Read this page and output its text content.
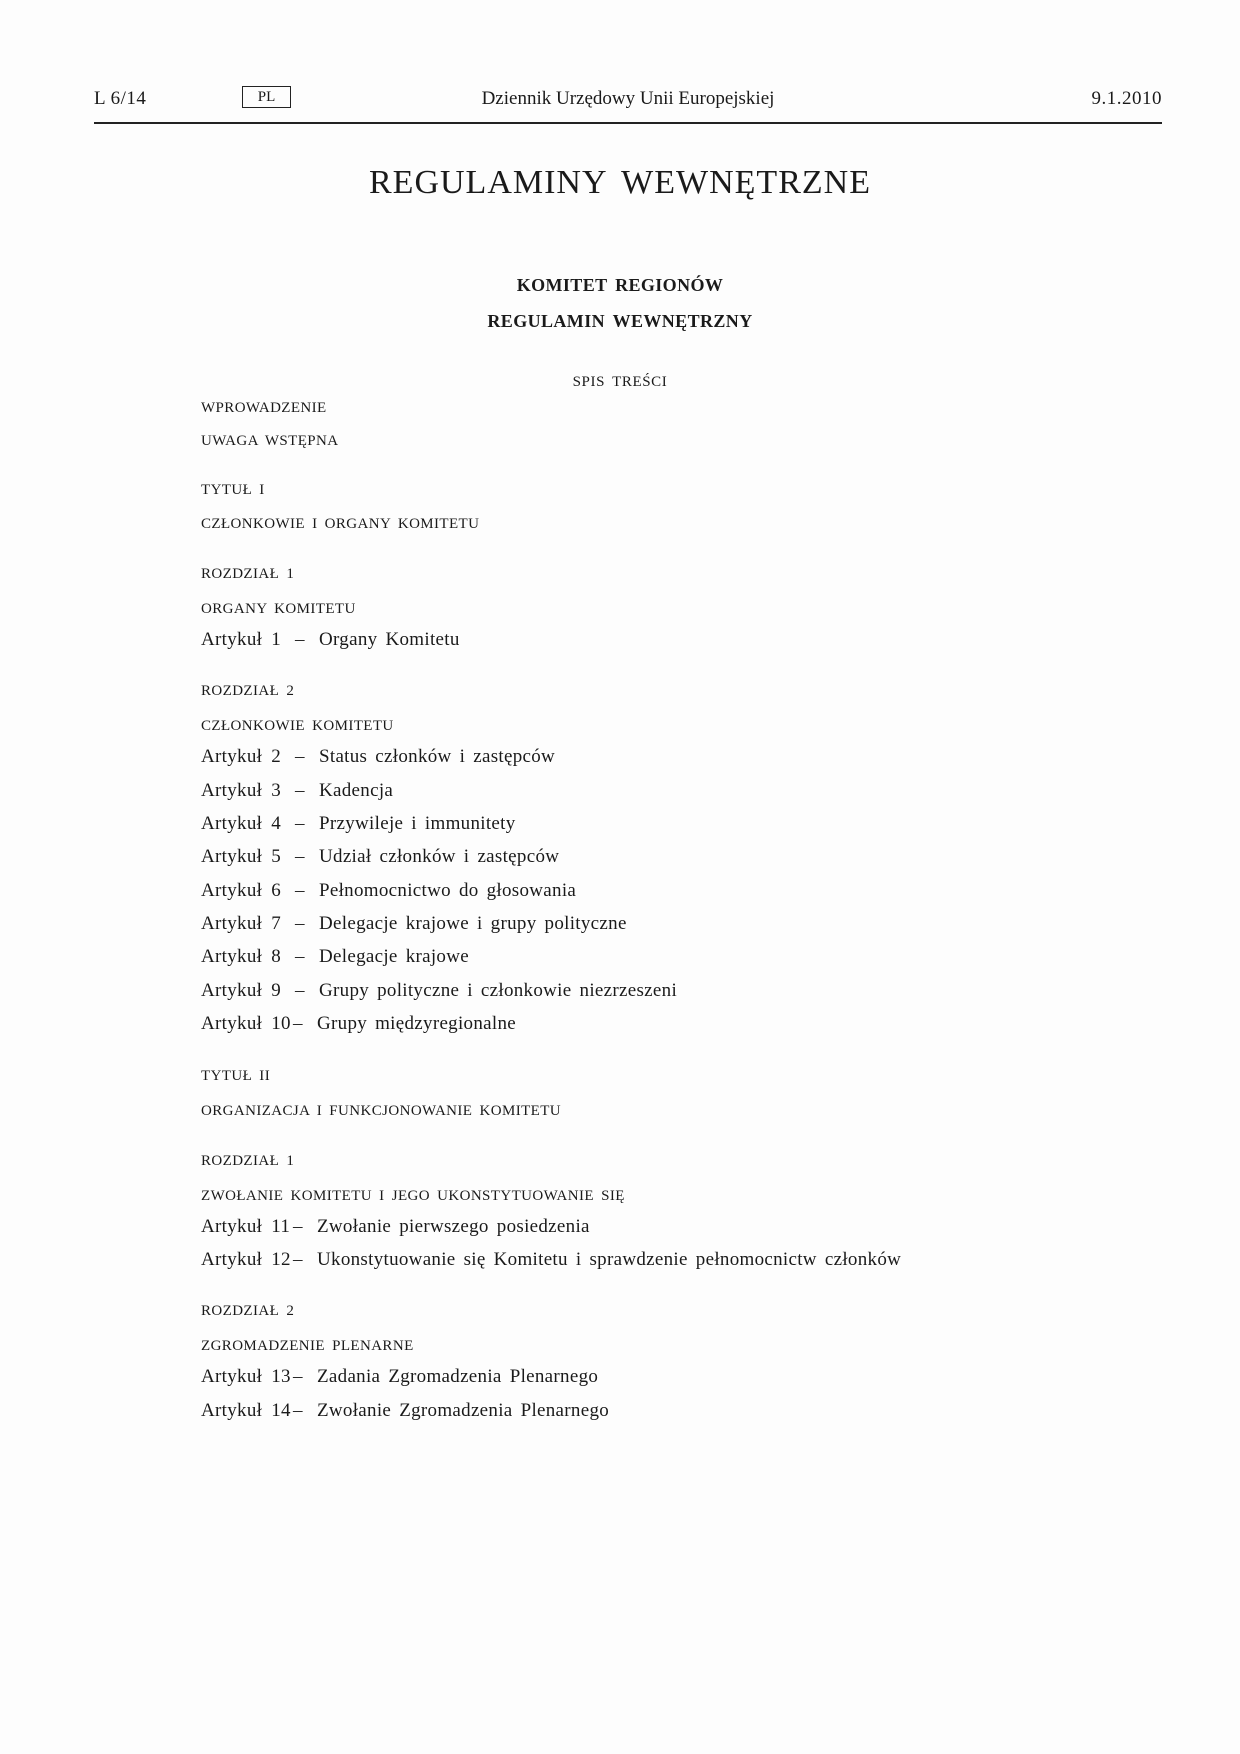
L 6/14	PL	Dziennik Urzędowy Unii Europejskiej	9.1.2010
REGULAMINY WEWNĘTRZNE
KOMITET REGIONÓW
REGULAMIN WEWNĘTRZNY
SPIS TREŚCI
WPROWADZENIE
UWAGA WSTĘPNA
TYTUŁ I
CZŁONKOWIE I ORGANY KOMITETU
ROZDZIAŁ 1
ORGANY KOMITETU
Artykuł 1 – Organy Komitetu
ROZDZIAŁ 2
CZŁONKOWIE KOMITETU
Artykuł 2 – Status członków i zastępców
Artykuł 3 – Kadencja
Artykuł 4 – Przywileje i immunitety
Artykuł 5 – Udział członków i zastępców
Artykuł 6 – Pełnomocnictwo do głosowania
Artykuł 7 – Delegacje krajowe i grupy polityczne
Artykuł 8 – Delegacje krajowe
Artykuł 9 – Grupy polityczne i członkowie niezrzeszeni
Artykuł 10 – Grupy międzyregionalne
TYTUŁ II
ORGANIZACJA I FUNKCJONOWANIE KOMITETU
ROZDZIAŁ 1
ZWOŁANIE KOMITETU I JEGO UKONSTYTUOWANIE SIĘ
Artykuł 11 – Zwołanie pierwszego posiedzenia
Artykuł 12 – Ukonstytuowanie się Komitetu i sprawdzenie pełnomocnictw członków
ROZDZIAŁ 2
ZGROMADZENIE PLENARNE
Artykuł 13 – Zadania Zgromadzenia Plenarnego
Artykuł 14 – Zwołanie Zgromadzenia Plenarnego
